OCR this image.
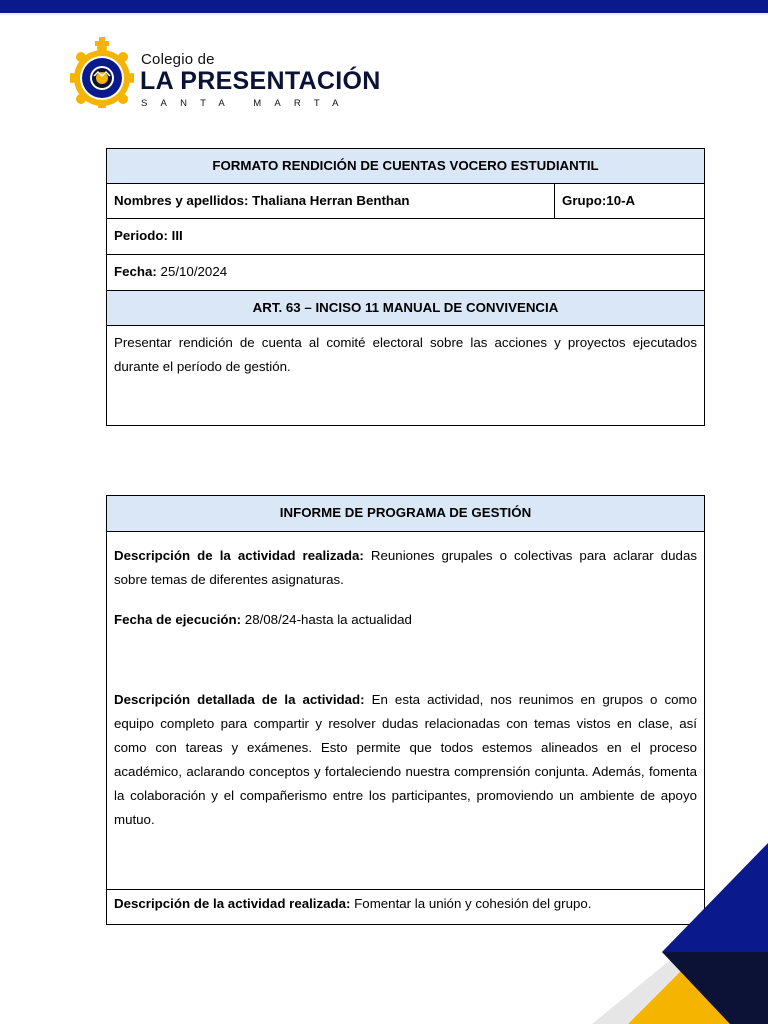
Colegio de
LA PRESENTACIÓN
SANTA MARTA
FORMATO RENDICIÓN DE CUENTAS VOCERO ESTUDIANTIL
Nombres y apellidos: Thaliana Herran Benthan	Grupo:10-A
Periodo: III
Fecha: 25/10/2024
ART. 63 – INCISO 11 MANUAL DE CONVIVENCIA

Presentar rendición de cuenta al comité electoral sobre las acciones y proyectos ejecutados durante el período de gestión.

INFORME DE PROGRAMA DE GESTIÓN

Descripción de la actividad realizada: Reuniones grupales o colectivas para aclarar dudas sobre temas de diferentes asignaturas.

Fecha de ejecución: 28/08/24-hasta la actualidad

Descripción detallada de la actividad: En esta actividad, nos reunimos en grupos o como equipo completo para compartir y resolver dudas relacionadas con temas vistos en clase, así como con tareas y exámenes. Esto permite que todos estemos alineados en el proceso académico, aclarando conceptos y fortaleciendo nuestra comprensión conjunta. Además, fomenta la colaboración y el compañerismo entre los participantes, promoviendo un ambiente de apoyo mutuo.

Descripción de la actividad realizada: Fomentar la unión y cohesión del grupo.
